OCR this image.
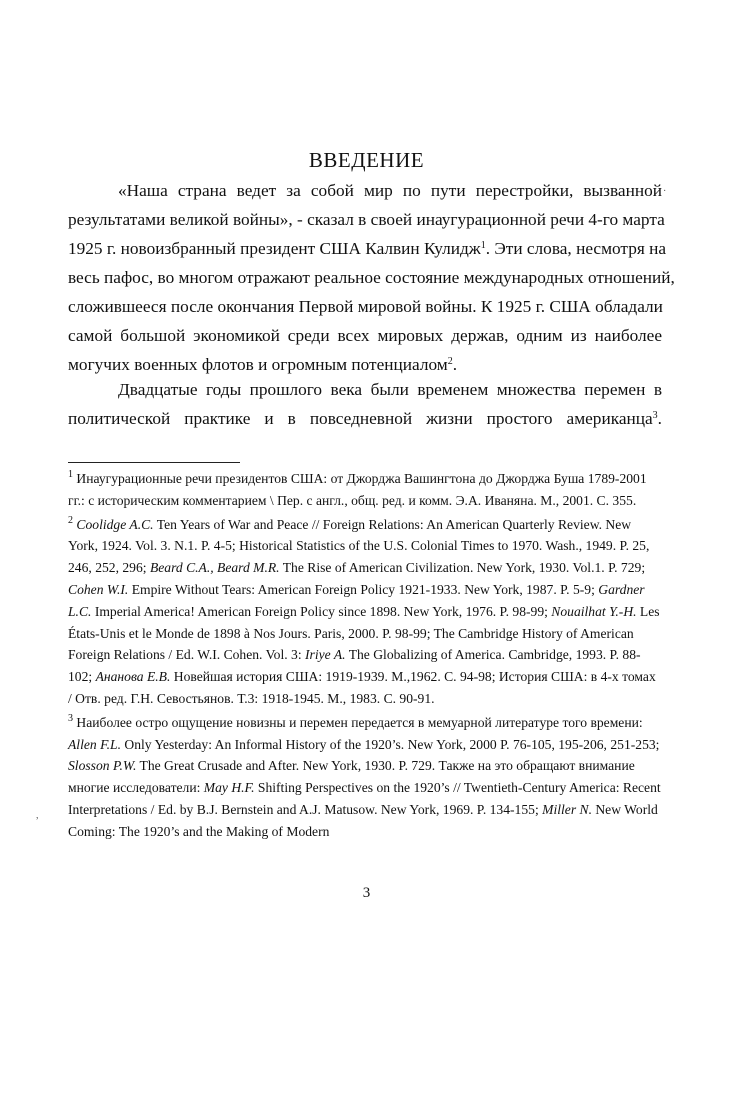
ВВЕДЕНИЕ
«Наша страна ведет за собой мир по пути перестройки, вызванной
результатами великой войны», - сказал в своей инаугурационной речи 4-го марта
1925 г. новоизбранный президент США Калвин Кулидж$^1$. Эти слова, несмотря на
весь пафос, во многом отражают реальное состояние международных отношений,
сложившееся после окончания Первой мировой войны. К 1925 г. США обладали
самой большой экономикой среди всех мировых держав, одним из наиболее
могучих военных флотов и огромным потенциалом$^2$.
Двадцатые годы прошлого века были временем множества перемен в
политической практике и в повседневной жизни простого американца$^3$.

$^1$ Инаугурационные речи президентов США: от Джорджа Вашингтона до Джорджа Буша 1789-2001 гг.: с историческим комментарием \ Пер. с англ., общ. ред. и комм. Э.А. Иваняна. М., 2001. С. 355.

$^2$ Coolidge A.C. Ten Years of War and Peace // Foreign Relations: An American Quarterly Review. New York, 1924. Vol. 3. N.1. P. 4-5; Historical Statistics of the U.S. Colonial Times to 1970. Wash., 1949. P. 25, 246, 252, 296; Beard C.A., Beard M.R. The Rise of American Civilization. New York, 1930. Vol.1. P. 729; Cohen W.I. Empire Without Tears: American Foreign Policy 1921-1933. New York, 1987. P. 5-9; Gardner L.C. Imperial America! American Foreign Policy since 1898. New York, 1976. P. 98-99; Nouailhat Y.-H. Les États-Unis et le Monde de 1898 à Nos Jours. Paris, 2000. P. 98-99; The Cambridge History of American Foreign Relations / Ed. W.I. Cohen. Vol. 3: Iriye A. The Globalizing of America. Cambridge, 1993. P. 88-102; Ананова Е.В. Новейшая история США: 1919-1939. М.,1962. С. 94-98; История США: в 4-х томах / Отв. ред. Г.Н. Севостьянов. Т.3: 1918-1945. М., 1983. С. 90-91.

$^3$ Наиболее остро ощущение новизны и перемен передается в мемуарной литературе того времени: Allen F.L. Only Yesterday: An Informal History of the 1920’s. New York, 2000 P. 76-105, 195-206, 251-253; Slosson P.W. The Great Crusade and After. New York, 1930. P. 729. Также на это обращают внимание многие исследователи: May H.F. Shifting Perspectives on the 1920’s // Twentieth-Century America: Recent Interpretations / Ed. by B.J. Bernstein and A.J. Matusow. New York, 1969. P. 134-155; Miller N. New World Coming: The 1920’s and the Making of Modern

3
·
,
